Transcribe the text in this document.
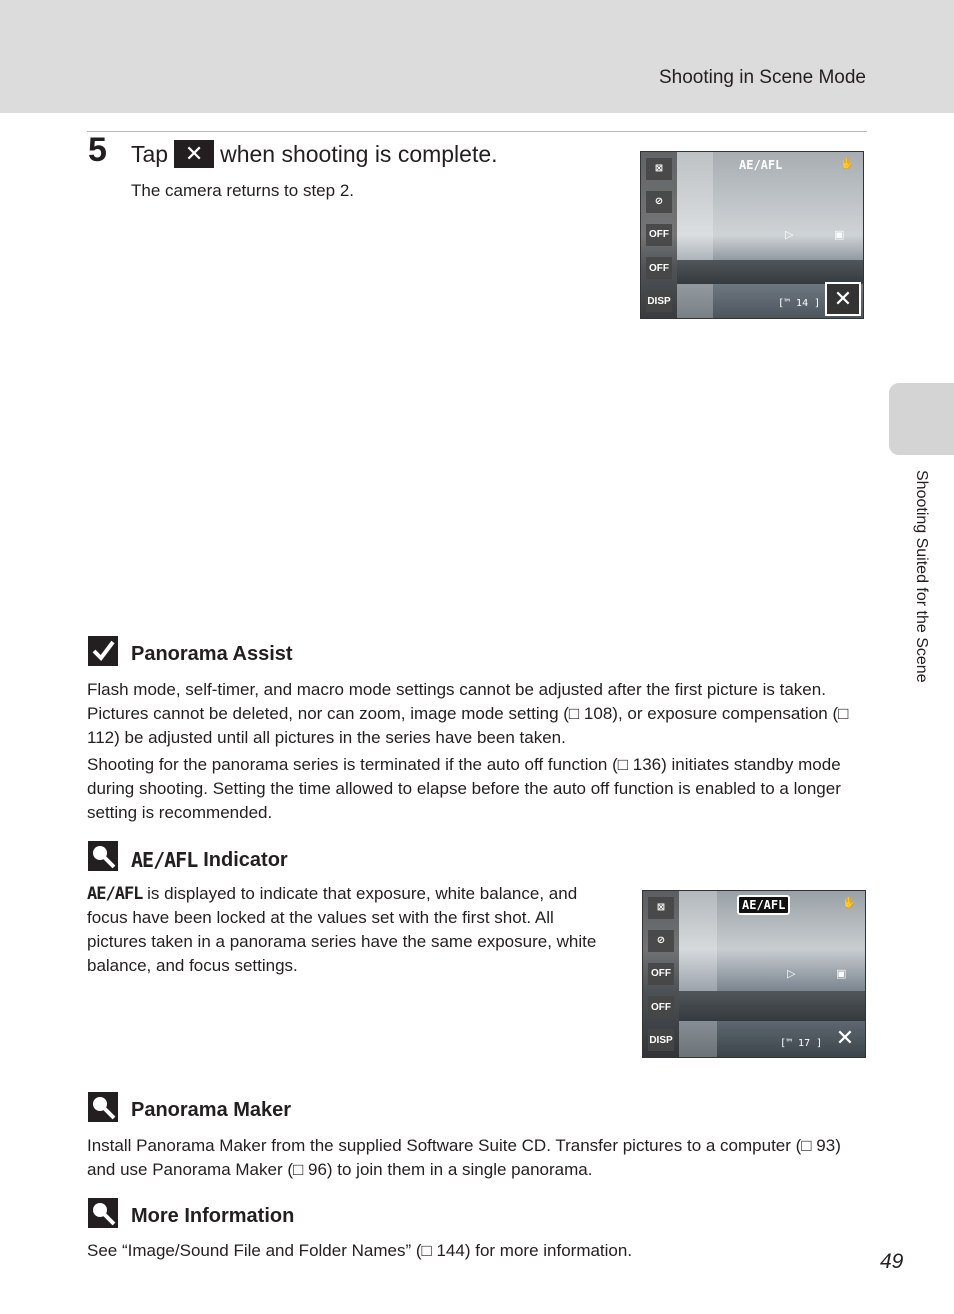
Shooting in Scene Mode
Shooting Suited for the Scene
5 Tap ✕ when shooting is complete.
The camera returns to step 2.
⊠
⊘
OFF
OFF
DISP
AE/AFL	✋
▷	▣
[™ 14 ] ✕
Panorama Assist
Flash mode, self-timer, and macro mode settings cannot be adjusted after the first picture is taken. Pictures cannot be deleted, nor can zoom, image mode setting (□ 108), or exposure compensation (□ 112) be adjusted until all pictures in the series have been taken.
Shooting for the panorama series is terminated if the auto off function (□ 136) initiates standby mode during shooting. Setting the time allowed to elapse before the auto off function is enabled to a longer setting is recommended.
AE/AFL Indicator
AE/AFL is displayed to indicate that exposure, white balance, and focus have been locked at the values set with the first shot. All pictures taken in a panorama series have the same exposure, white balance, and focus settings.
⊠
⊘
OFF
OFF
DISP
AE/AFL	✋
▷	▣
[™ 17 ] ✕
Panorama Maker
Install Panorama Maker from the supplied Software Suite CD. Transfer pictures to a computer (□ 93) and use Panorama Maker (□ 96) to join them in a single panorama.
More Information
See “Image/Sound File and Folder Names” (□ 144) for more information.	49
